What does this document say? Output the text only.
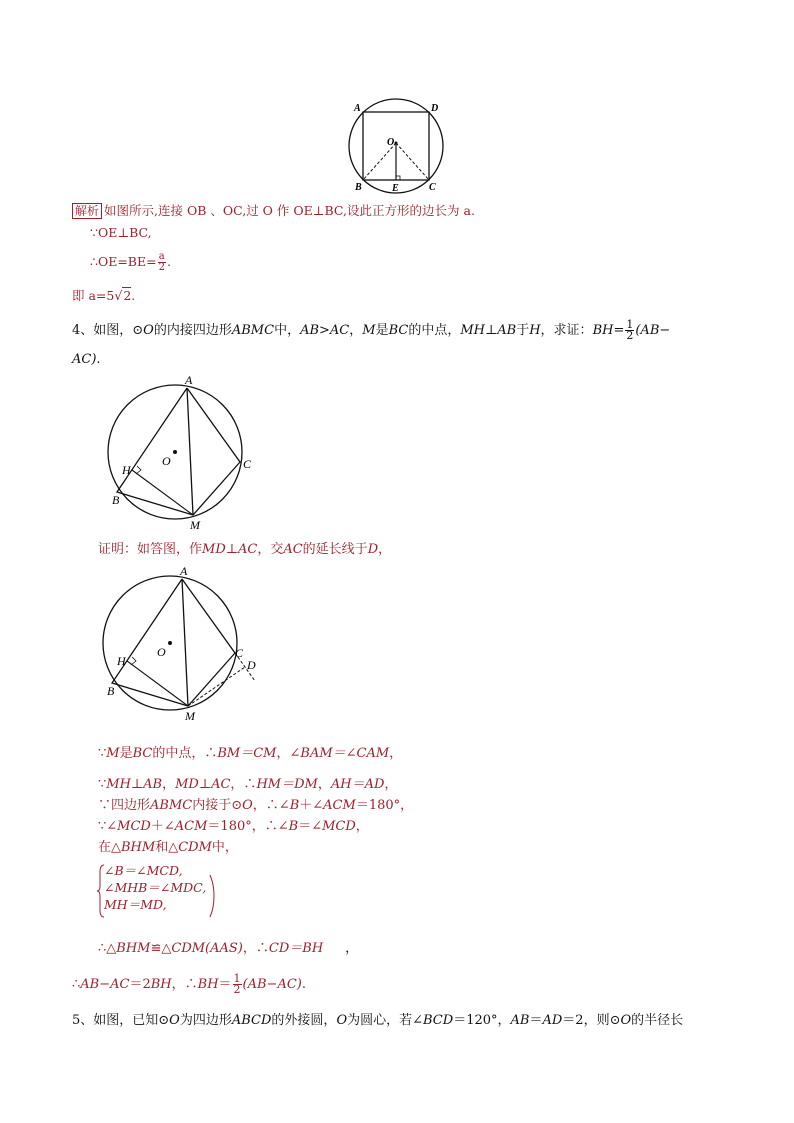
A	D
O
B	E	C
解析 如图所示,连接 OB 、OC,过 O 作 OE⊥BC,设此正方形的边长为 a.
∵OE⊥BC,
∴OE=BE= $\frac{a}{2}$ .
即 a=5√2.
4、如图，⊙O的内接四边形ABMC中，AB>AC，M是BC的中点，MH⊥AB于H，求证：$BH= \frac{1}{2} (AB-$
AC).
A
O
H
B
M
C
证明：如答图，作MD⊥AC，交AC的延长线于D，
A
O
H
B
M
C
D
∵M是BC的中点，∴BM＝CM，∠BAM＝∠CAM，
∵MH⊥AB，MD⊥AC，∴HM＝DM，AH＝AD，
∵四边形ABMC内接于⊙O，∴∠B＋∠ACM＝180°，
∵∠MCD＋∠ACM＝180°，∴∠B＝∠MCD，
在△BHM和△CDM中，
∠B＝∠MCD,
∠MHB＝∠MDC,
MH＝MD,
∴△BHM≌△CDM(AAS)，∴CD＝BH ，
∴AB−AC＝2BH，∴BH＝ $\frac{1}{2} (AB-AC)$.
5、如图，已知⊙O为四边形ABCD的外接圆，O为圆心，若∠BCD＝120°，AB＝AD＝2，则⊙O的半径长
